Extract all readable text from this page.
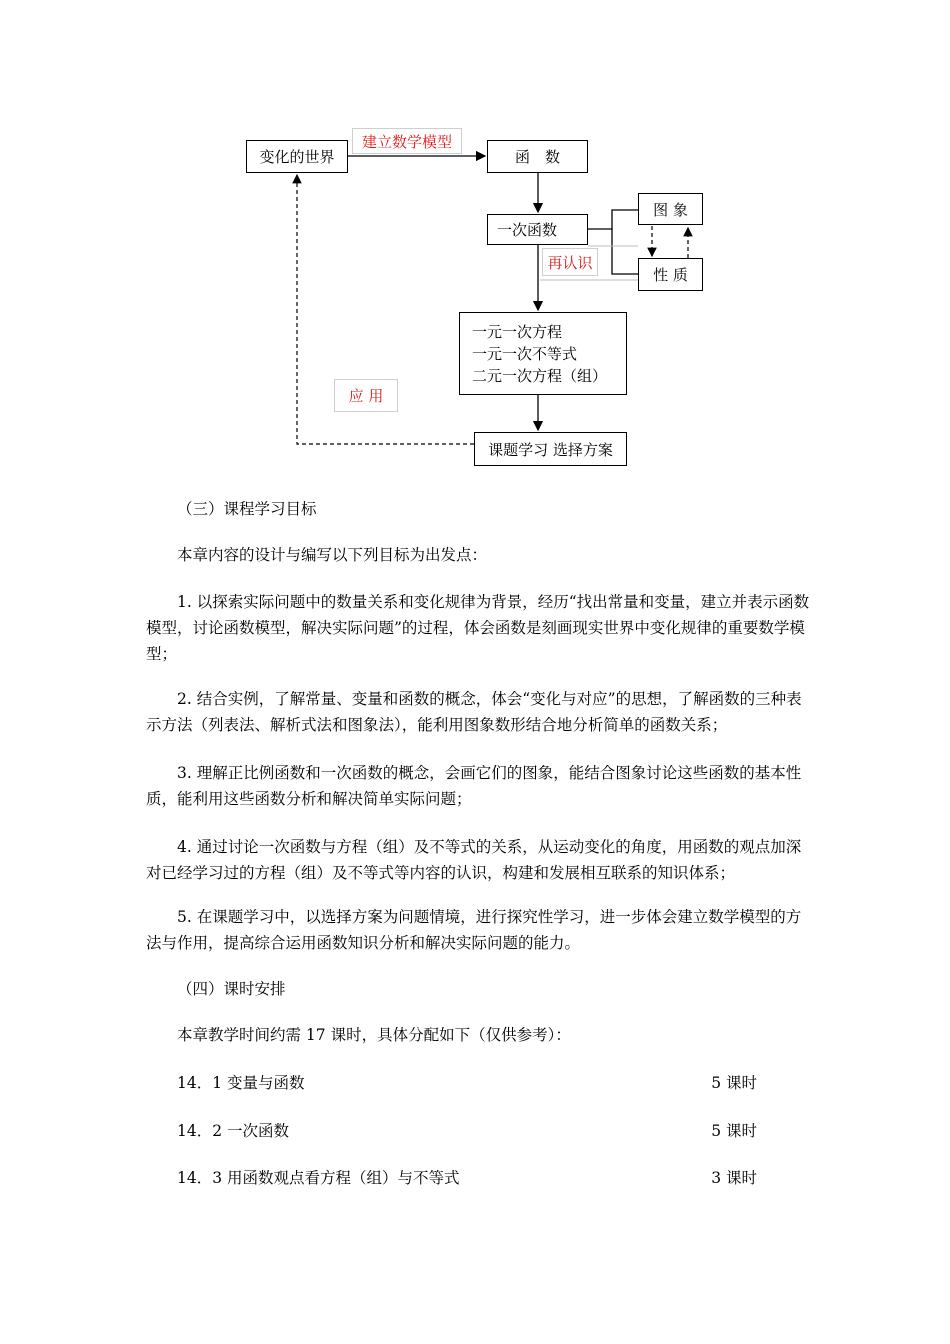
变化的世界	函　数
一次函数
图 象
性 质
一元一次方程
一元一次不等式
二元一次方程（组）
课题学习 选择方案
建立数学模型
再认识
应 用
（三）课程学习目标
本章内容的设计与编写以下列目标为出发点：
1. 以探索实际问题中的数量关系和变化规律为背景，经历“找出常量和变量，建立并表示函数模型，讨论函数模型，解决实际问题”的过程，体会函数是刻画现实世界中变化规律的重要数学模型；
2. 结合实例，了解常量、变量和函数的概念，体会“变化与对应”的思想，了解函数的三种表示方法（列表法、解析式法和图象法），能利用图象数形结合地分析简单的函数关系；
3. 理解正比例函数和一次函数的概念，会画它们的图象，能结合图象讨论这些函数的基本性质，能利用这些函数分析和解决简单实际问题；
4. 通过讨论一次函数与方程（组）及不等式的关系，从运动变化的角度，用函数的观点加深对已经学习过的方程（组）及不等式等内容的认识，构建和发展相互联系的知识体系；
5. 在课题学习中，以选择方案为问题情境，进行探究性学习，进一步体会建立数学模型的方法与作用，提高综合运用函数知识分析和解决实际问题的能力。
（四）课时安排
本章教学时间约需 17 课时，具体分配如下（仅供参考）：
14．1 变量与函数	5 课时
14．2 一次函数	5 课时
14．3 用函数观点看方程（组）与不等式	3 课时
